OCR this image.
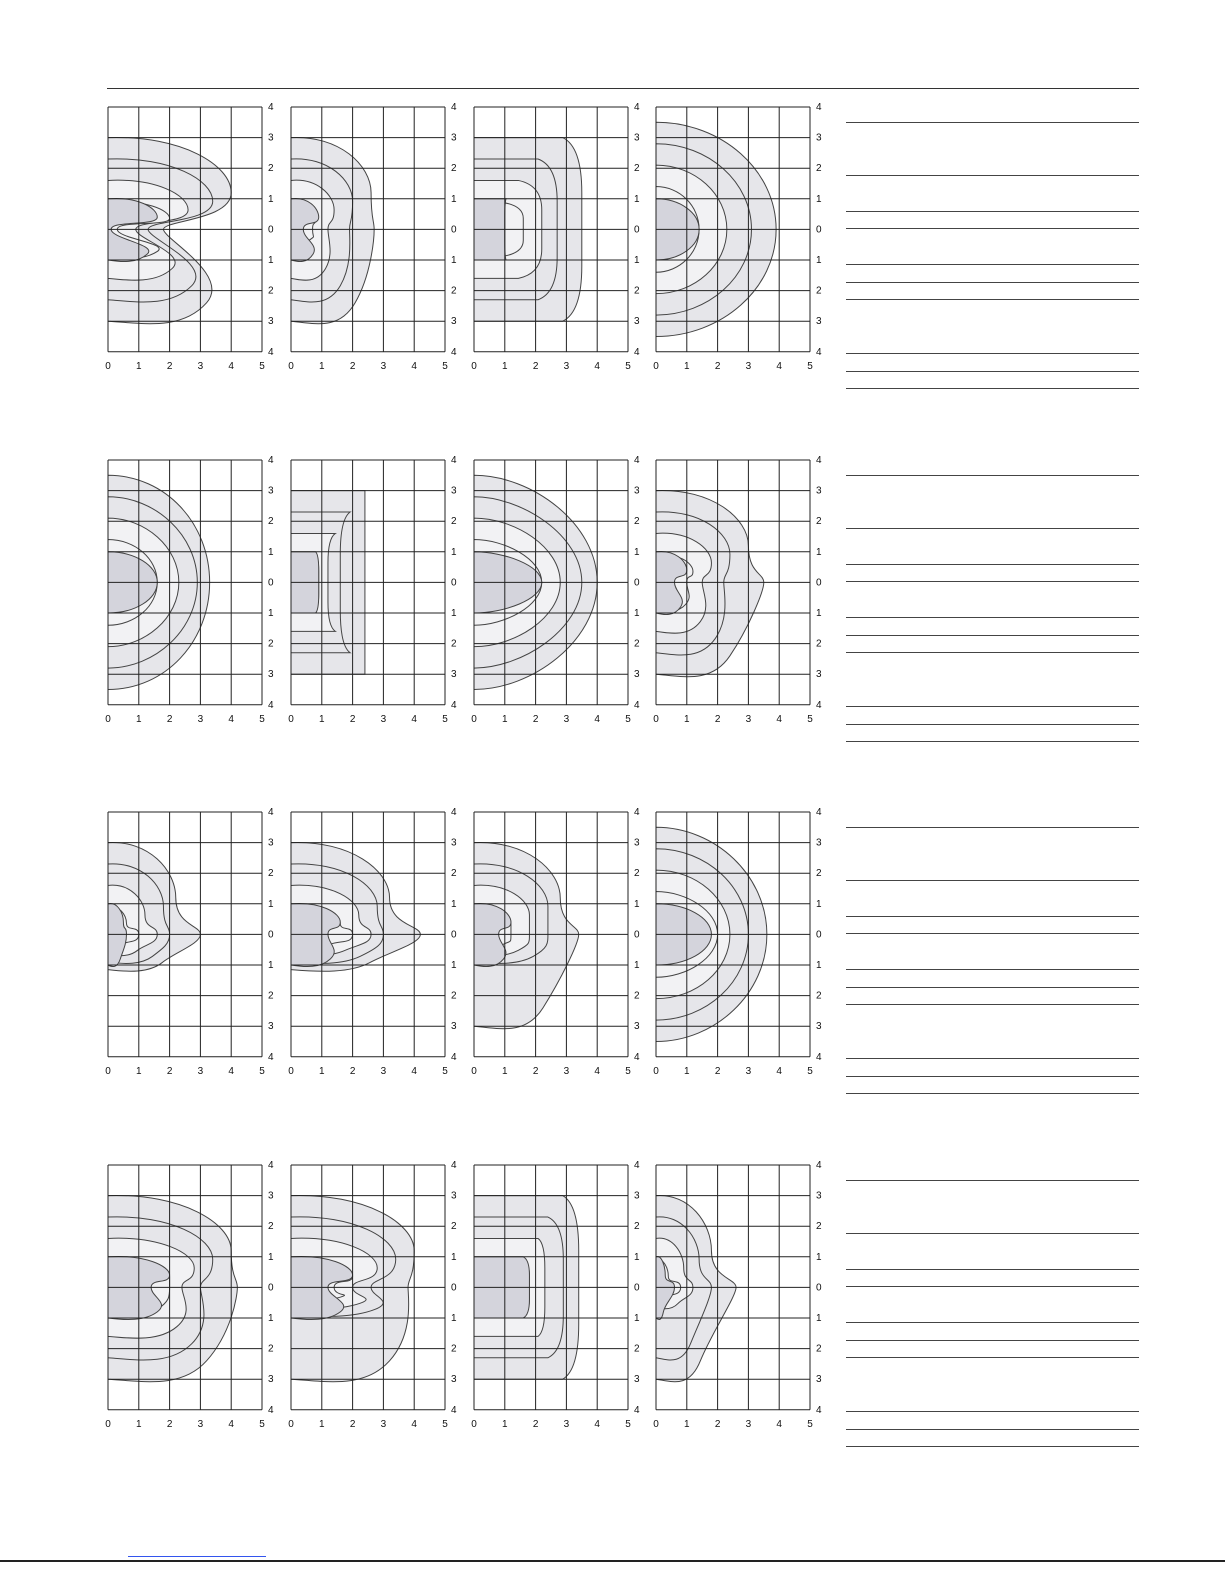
0	1	2	3	4	5
4
3
2
1
0
1
2
3
4
0	1	2	3	4	5
4
3
2
1
0
1
2
3
4
0	1	2	3	4	5
4
3
2
1
0
1
2
3
4
0	1	2	3	4	5
4
3
2
1
0
1
2
3
4
0	1	2	3	4	5
4
3
2
1
0
1
2
3
4
0	1	2	3	4	5
4
3
2
1
0
1
2
3
4
0	1	2	3	4	5
4
3
2
1
0
1
2
3
4
0	1	2	3	4	5
4
3
2
1
0
1
2
3
4
0	1	2	3	4	5
4
3
2
1
0
1
2
3
4
0	1	2	3	4	5
4
3
2
1
0
1
2
3
4
0	1	2	3	4	5
4
3
2
1
0
1
2
3
4
0	1	2	3	4	5
4
3
2
1
0
1
2
3
4
0	1	2	3	4	5
4
3
2
1
0
1
2
3
4
0	1	2	3	4	5
4
3
2
1
0
1
2
3
4
0	1	2	3	4	5
4
3
2
1
0
1
2
3
4
0	1	2	3	4	5
4
3
2
1
0
1
2
3
4
